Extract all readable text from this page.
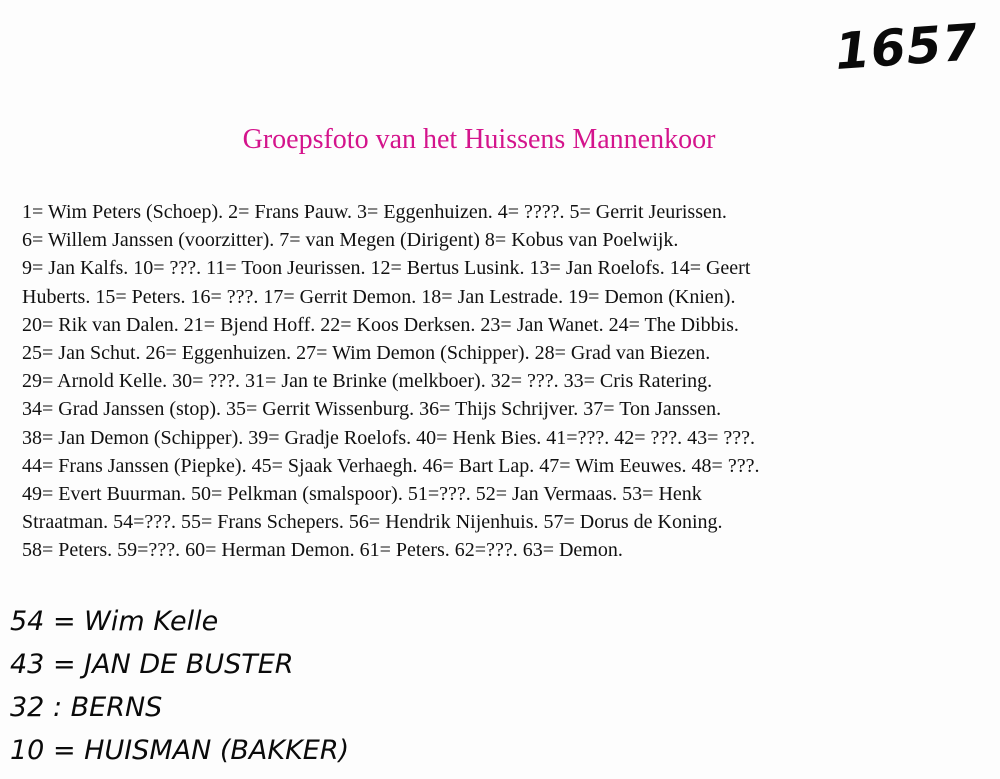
1657
Groepsfoto van het Huissens Mannenkoor
1= Wim Peters (Schoep). 2= Frans Pauw. 3= Eggenhuizen. 4= ????. 5= Gerrit Jeurissen.
6= Willem Janssen (voorzitter). 7= van Megen (Dirigent) 8= Kobus van Poelwijk.
9= Jan Kalfs. 10= ???. 11= Toon Jeurissen. 12= Bertus Lusink. 13= Jan Roelofs. 14= Geert
Huberts. 15= Peters. 16= ???. 17= Gerrit Demon. 18= Jan Lestrade. 19= Demon (Knien).
20= Rik van Dalen. 21= Bjend Hoff. 22= Koos Derksen. 23= Jan Wanet. 24= The Dibbis.
25= Jan Schut. 26= Eggenhuizen. 27= Wim Demon (Schipper). 28= Grad van Biezen.
29= Arnold Kelle. 30= ???. 31= Jan te Brinke (melkboer). 32= ???. 33= Cris Ratering.
34= Grad Janssen (stop). 35= Gerrit Wissenburg. 36= Thijs Schrijver. 37= Ton Janssen.
38= Jan Demon (Schipper). 39= Gradje Roelofs. 40= Henk Bies. 41=???. 42= ???. 43= ???.
44= Frans Janssen (Piepke). 45= Sjaak Verhaegh. 46= Bart Lap. 47= Wim Eeuwes. 48= ???.
49= Evert Buurman. 50= Pelkman (smalspoor). 51=???. 52= Jan Vermaas. 53= Henk
Straatman. 54=???. 55= Frans Schepers. 56= Hendrik Nijenhuis. 57= Dorus de Koning.
58= Peters. 59=???. 60= Herman Demon. 61= Peters. 62=???. 63= Demon.
54 = Wim Kelle
43 = JAN DE BUSTER
32 : BERNS
10 = HUISMAN (BAKKER)
